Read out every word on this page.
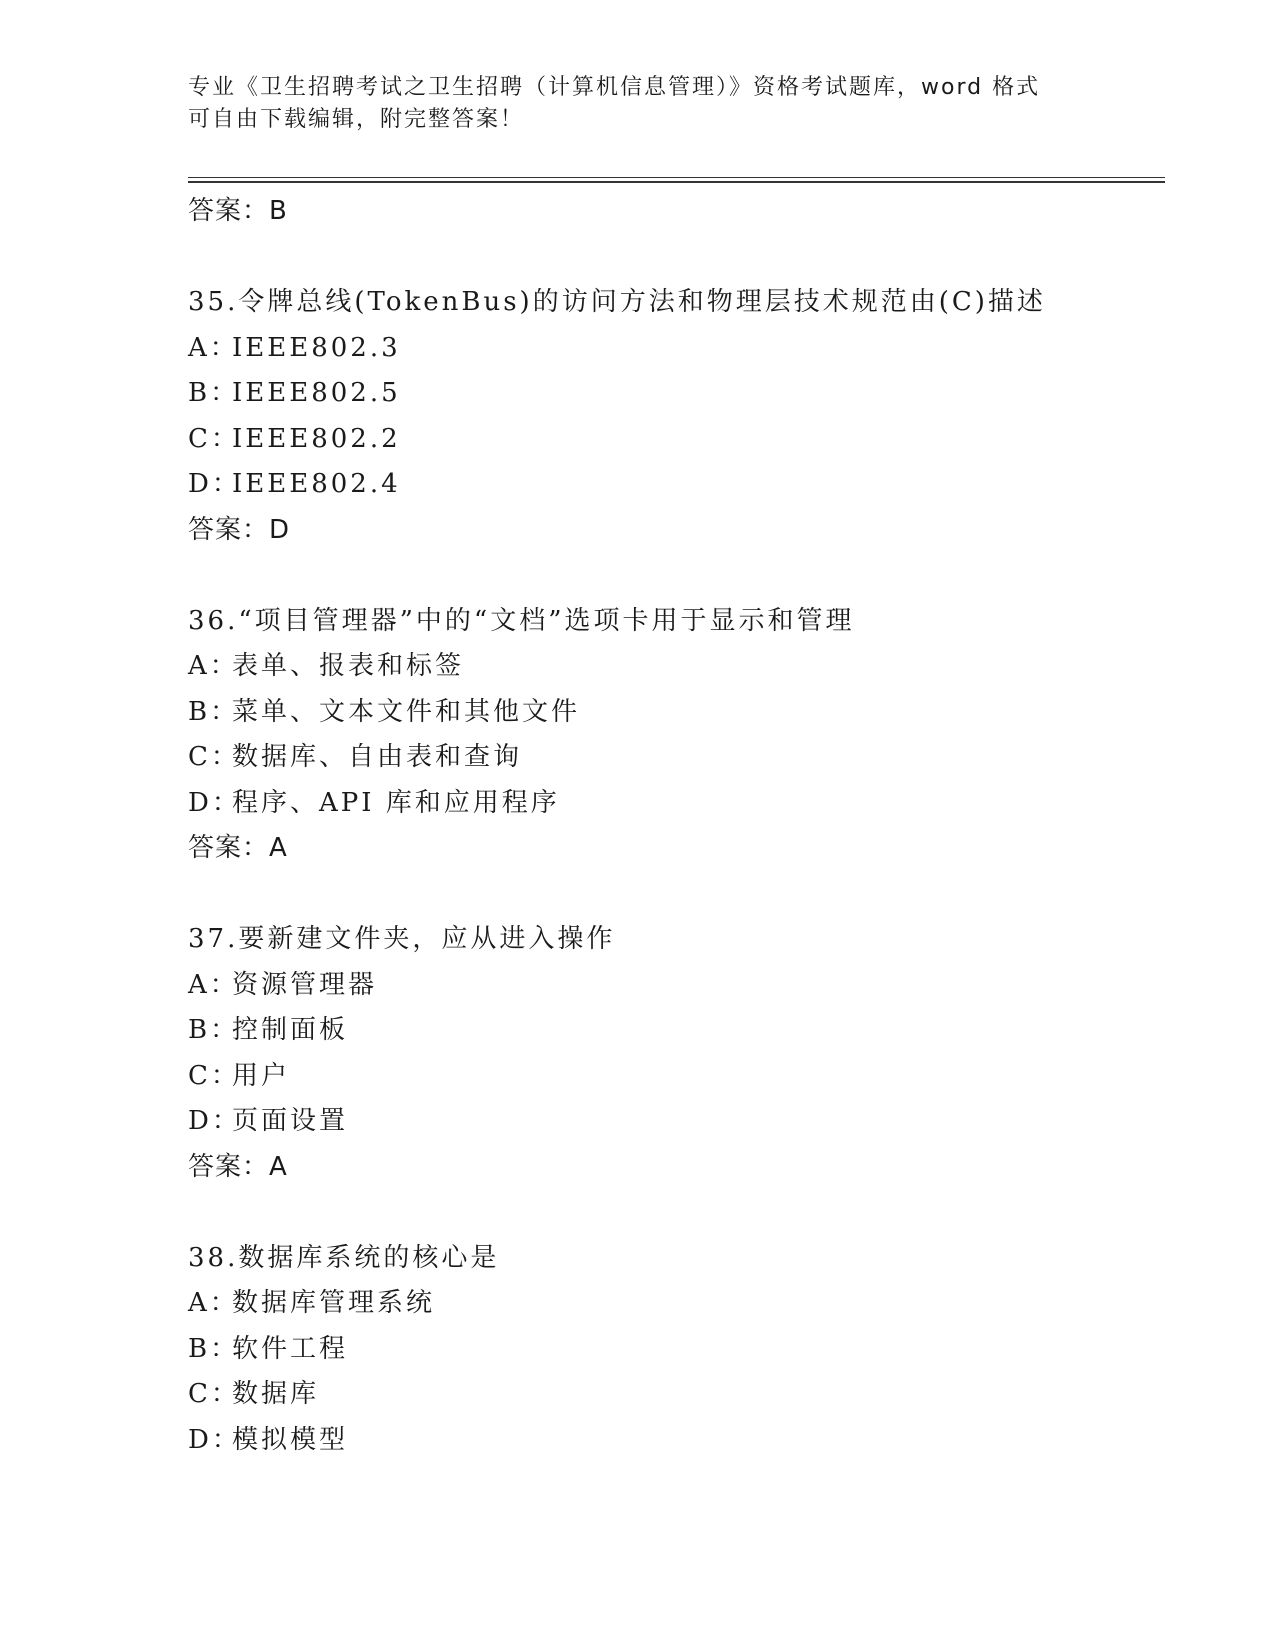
专业《卫生招聘考试之卫生招聘（计算机信息管理）》资格考试题库，word 格式
可自由下载编辑，附完整答案！
答案：B
35.令牌总线(TokenBus)的访问方法和物理层技术规范由(C)描述
A：IEEE802.3
B：IEEE802.5
C：IEEE802.2
D：IEEE802.4
答案：D
36.“项目管理器”中的“文档”选项卡用于显示和管理
A：表单、报表和标签
B：菜单、文本文件和其他文件
C：数据库、自由表和查询
D：程序、API 库和应用程序
答案：A
37.要新建文件夹，应从进入操作
A：资源管理器
B：控制面板
C：用户
D：页面设置
答案：A
38.数据库系统的核心是
A：数据库管理系统
B：软件工程
C：数据库
D：模拟模型
